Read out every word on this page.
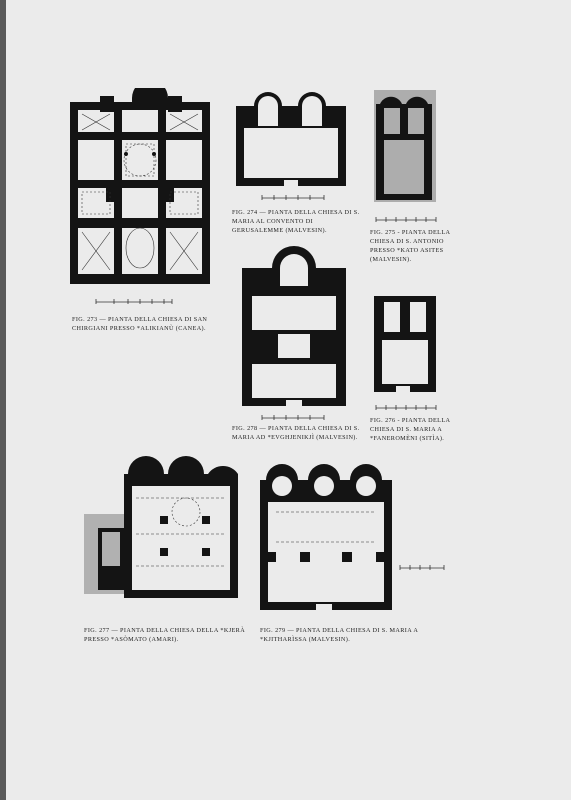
FIG. 273 — PIANTA DELLA CHIESA DI SAN CHIRGIANI PRESSO *ALIKIANÙ (CANEA).
FIG. 274 — PIANTA DELLA CHIESA DI S. MARIA AL CONVENTO DI GERUSALEMME (MALVESIN).	FIG. 275 - PIANTA DELLA CHIESA DI S. ANTONIO PRESSO *KATO ASITES (MALVESIN).
FIG. 278 — PIANTA DELLA CHIESA DI S. MARIA AD *EVGHJENIKJÌ (MALVESIN).
FIG. 276 - PIANTA DELLA CHIESA DI S. MARIA A *FANEROMÈNI (SITÌA).
FIG. 277 — PIANTA DELLA CHIESA DELLA *KJERÀ PRESSO *ASÒMATO (AMARI).
FIG. 279 — PIANTA DELLA CHIESA DI S. MARIA A *KJITHARÌSSA (MALVESIN).
